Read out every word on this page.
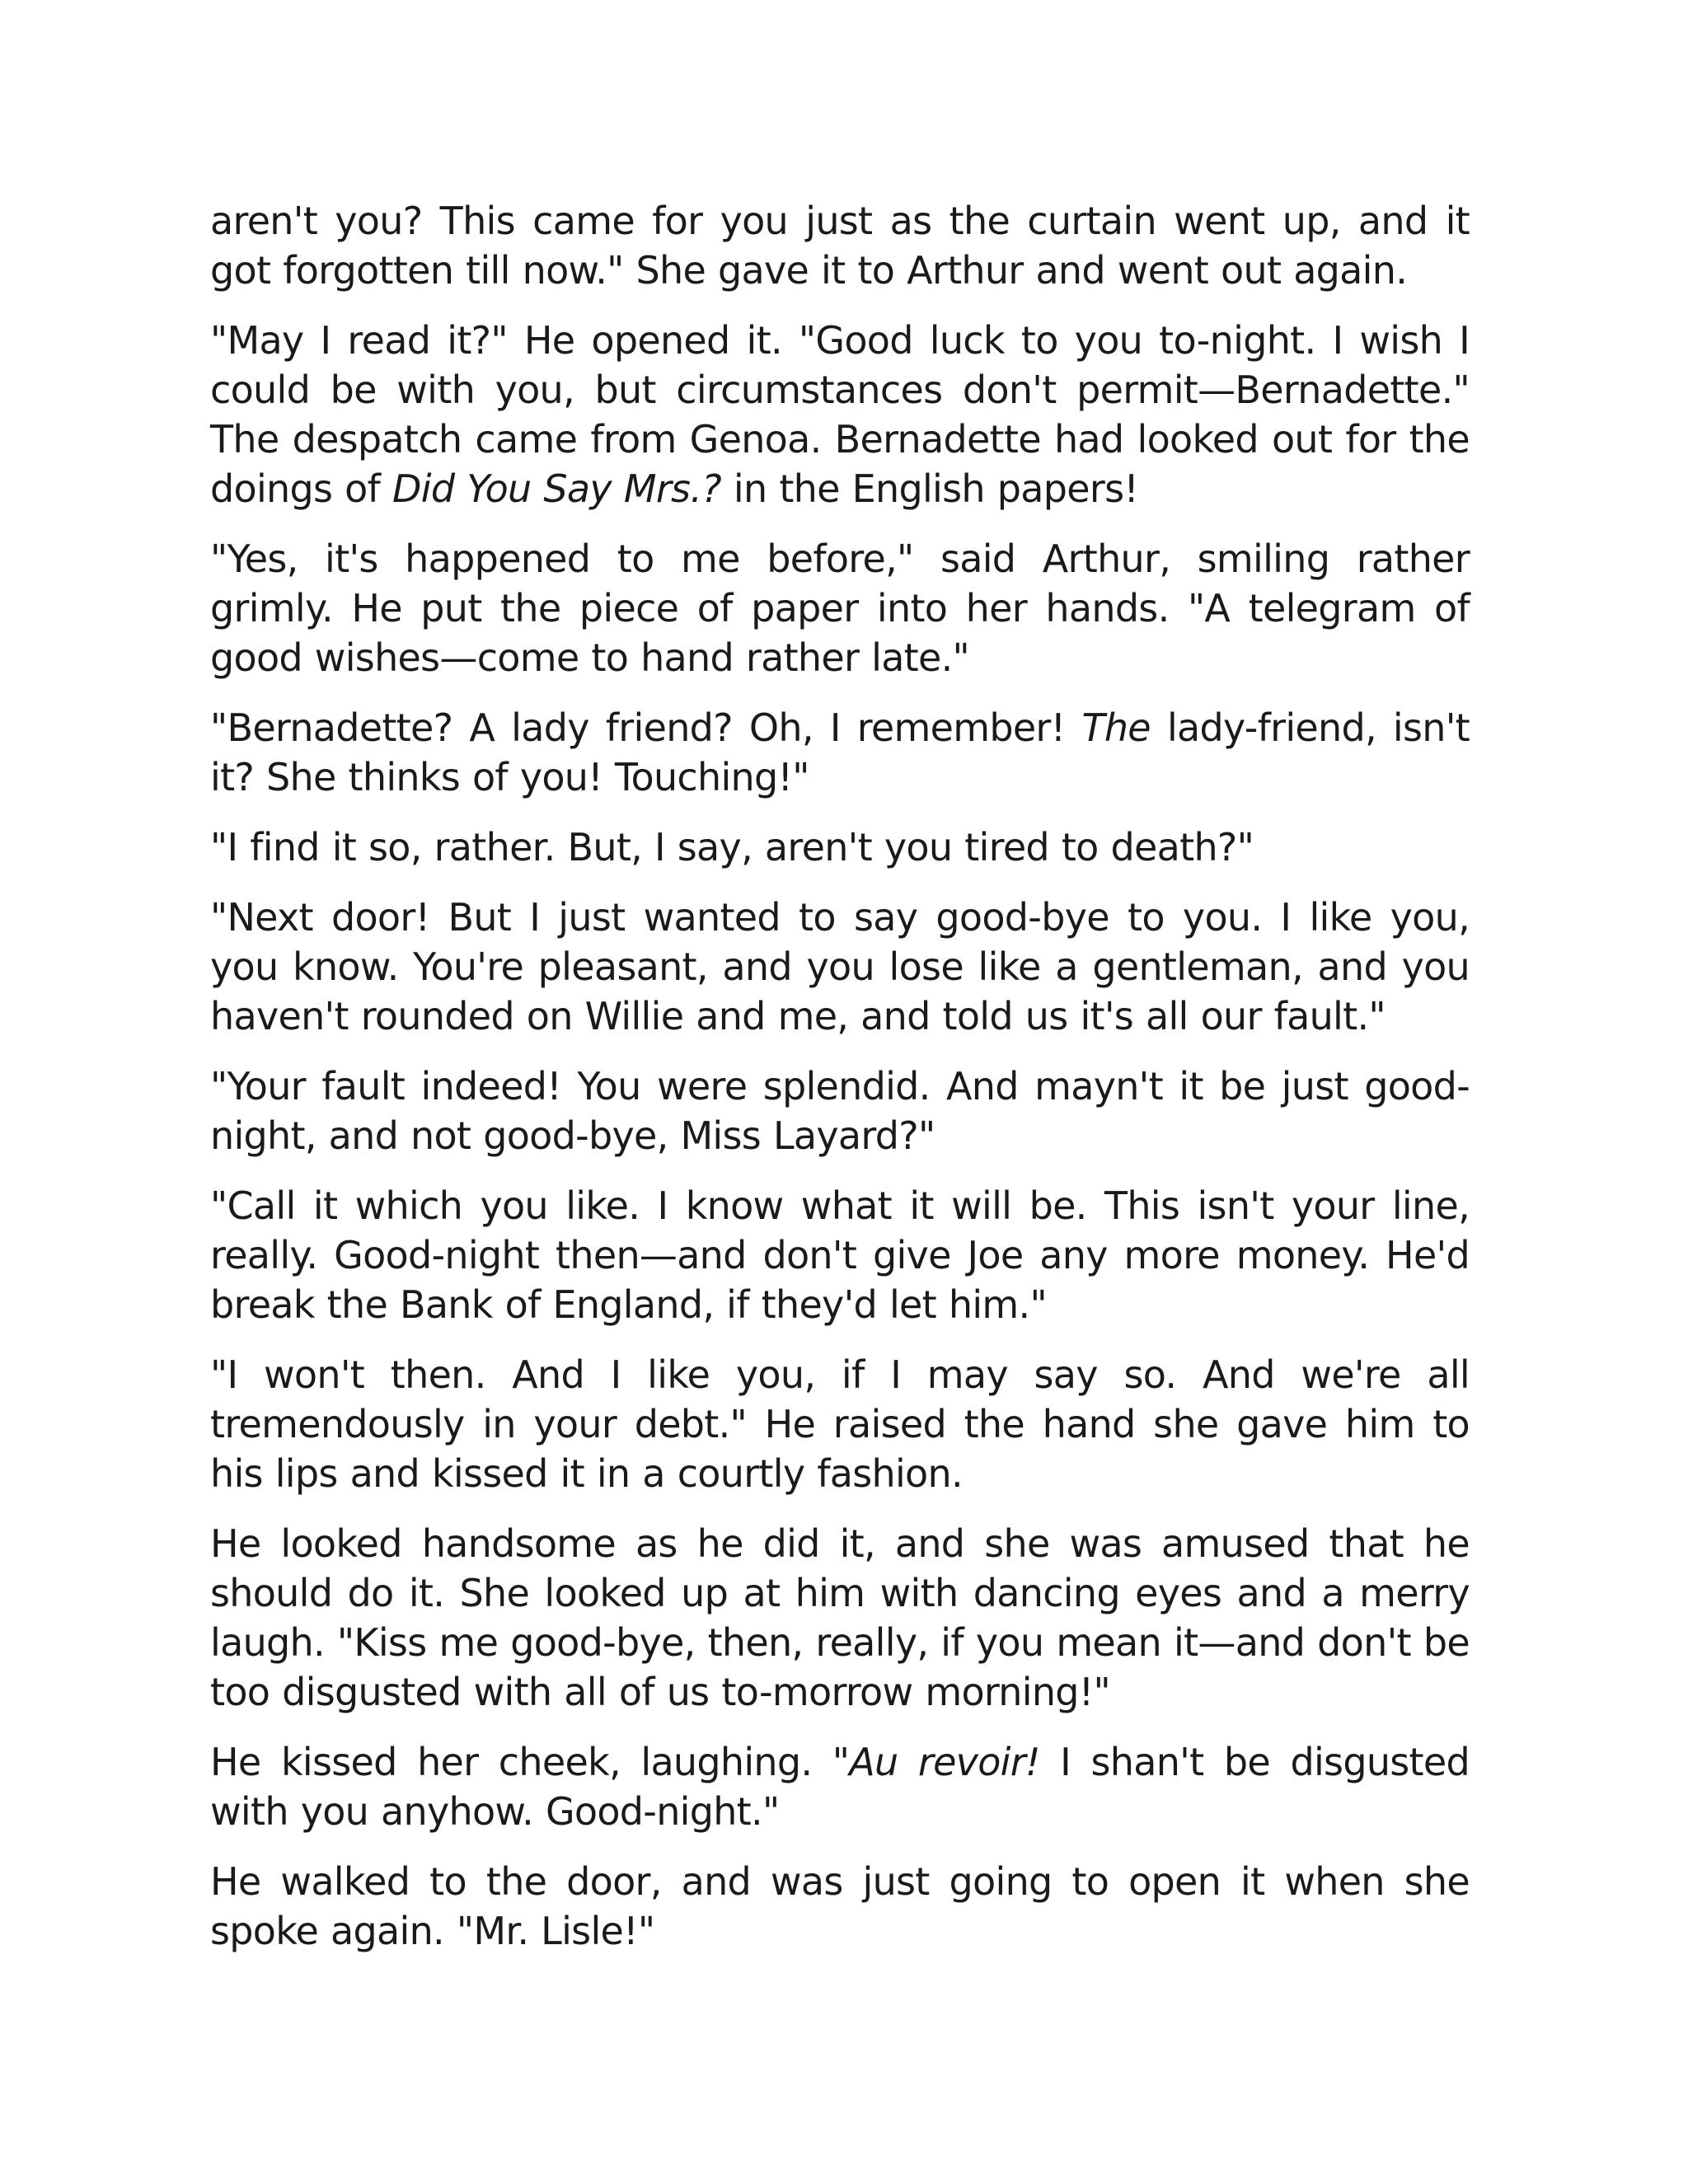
aren't you? This came for you just as the curtain went up, and it got forgotten till now." She gave it to Arthur and went out again.
"May I read it?" He opened it. "Good luck to you to-night. I wish I could be with you, but circumstances don't permit—Bernadette." The despatch came from Genoa. Bernadette had looked out for the doings of Did You Say Mrs.? in the English papers!
"Yes, it's happened to me before," said Arthur, smiling rather grimly. He put the piece of paper into her hands. "A telegram of good wishes—come to hand rather late."
"Bernadette? A lady friend? Oh, I remember! The lady-friend, isn't it? She thinks of you! Touching!"
"I find it so, rather. But, I say, aren't you tired to death?"
"Next door! But I just wanted to say good-bye to you. I like you, you know. You're pleasant, and you lose like a gentleman, and you haven't rounded on Willie and me, and told us it's all our fault."
"Your fault indeed! You were splendid. And mayn't it be just good-night, and not good-bye, Miss Layard?"
"Call it which you like. I know what it will be. This isn't your line, really. Good-night then—and don't give Joe any more money. He'd break the Bank of England, if they'd let him."
"I won't then. And I like you, if I may say so. And we're all tremendously in your debt." He raised the hand she gave him to his lips and kissed it in a courtly fashion.
He looked handsome as he did it, and she was amused that he should do it. She looked up at him with dancing eyes and a merry laugh. "Kiss me good-bye, then, really, if you mean it—and don't be too disgusted with all of us to-morrow morning!"
He kissed her cheek, laughing. "Au revoir! I shan't be disgusted with you anyhow. Good-night."
He walked to the door, and was just going to open it when she spoke again. "Mr. Lisle!"
